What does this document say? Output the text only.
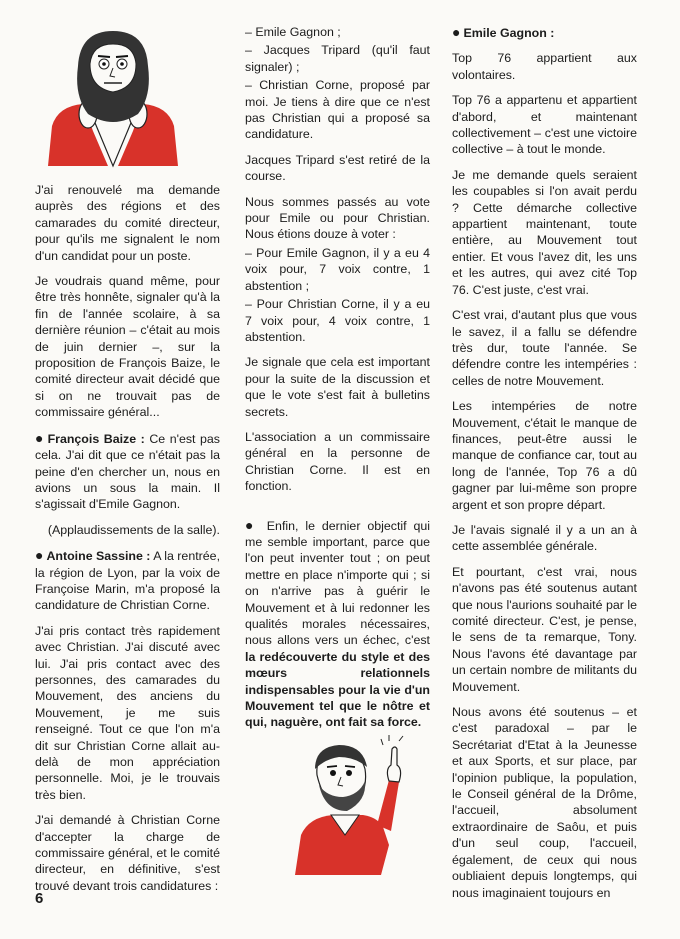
J'ai renouvelé ma demande auprès des régions et des camarades du comité directeur, pour qu'ils me signalent le nom d'un candidat pour un poste.

Je voudrais quand même, pour être très honnête, signaler qu'à la fin de l'année scolaire, à sa dernière réunion – c'était au mois de juin dernier –, sur la proposition de François Baize, le comité directeur avait décidé que si on ne trouvait pas de commissaire général...

● François Baize : Ce n'est pas cela. J'ai dit que ce n'était pas la peine d'en chercher un, nous en avions un sous la main. Il s'agissait d'Emile Gagnon.

(Applaudissements de la salle).

● Antoine Sassine : A la rentrée, la région de Lyon, par la voix de Françoise Marin, m'a proposé la candidature de Christian Corne.

J'ai pris contact très rapidement avec Christian. J'ai discuté avec lui. J'ai pris contact avec des personnes, des camarades du Mouvement, des anciens du Mouvement, je me suis renseigné. Tout ce que l'on m'a dit sur Christian Corne allait au-delà de mon appréciation personnelle. Moi, je le trouvais très bien.

J'ai demandé à Christian Corne d'accepter la charge de commissaire général, et le comité directeur, en définitive, s'est trouvé devant trois candidatures :

– Emile Gagnon ;

– Jacques Tripard (qu'il faut signaler) ;

– Christian Corne, proposé par moi. Je tiens à dire que ce n'est pas Christian qui a proposé sa candidature.

Jacques Tripard s'est retiré de la course.

Nous sommes passés au vote pour Emile ou pour Christian. Nous étions douze à voter :

– Pour Emile Gagnon, il y a eu 4 voix pour, 7 voix contre, 1 abstention ;

– Pour Christian Corne, il y a eu 7 voix pour, 4 voix contre, 1 abstention.

Je signale que cela est important pour la suite de la discussion et que le vote s'est fait à bulletins secrets.

L'association a un commissaire général en la personne de Christian Corne. Il est en fonction.

● Enfin, le dernier objectif qui me semble important, parce que l'on peut inventer tout ; on peut mettre en place n'importe qui ; si on n'arrive pas à guérir le Mouvement et à lui redonner les qualités morales nécessaires, nous allons vers un échec, c'est la redécouverte du style et des mœurs relationnels indispensables pour la vie d'un Mouvement tel que le nôtre et qui, naguère, ont fait sa force.

● Emile Gagnon :

Top 76 appartient aux volontaires.

Top 76 a appartenu et appartient d'abord, et maintenant collectivement – c'est une victoire collective – à tout le monde.

Je me demande quels seraient les coupables si l'on avait perdu ? Cette démarche collective appartient maintenant, toute entière, au Mouvement tout entier. Et vous l'avez dit, les uns et les autres, qui avez cité Top 76. C'est juste, c'est vrai.

C'est vrai, d'autant plus que vous le savez, il a fallu se défendre très dur, toute l'année. Se défendre contre les intempéries : celles de notre Mouvement.

Les intempéries de notre Mouvement, c'était le manque de finances, peut-être aussi le manque de confiance car, tout au long de l'année, Top 76 a dû gagner par lui-même son propre argent et son propre départ.

Je l'avais signalé il y a un an à cette assemblée générale.

Et pourtant, c'est vrai, nous n'avons pas été soutenus autant que nous l'aurions souhaité par le comité directeur. C'est, je pense, le sens de ta remarque, Tony. Nous l'avons été davantage par un certain nombre de militants du Mouvement.

Nous avons été soutenus – et c'est paradoxal – par le Secrétariat d'Etat à la Jeunesse et aux Sports, et sur place, par l'opinion publique, la population, le Conseil général de la Drôme, l'accueil, absolument extraordinaire de Saôu, et puis d'un seul coup, l'accueil, également, de ceux qui nous oubliaient depuis longtemps, qui nous imaginaient toujours en

6
